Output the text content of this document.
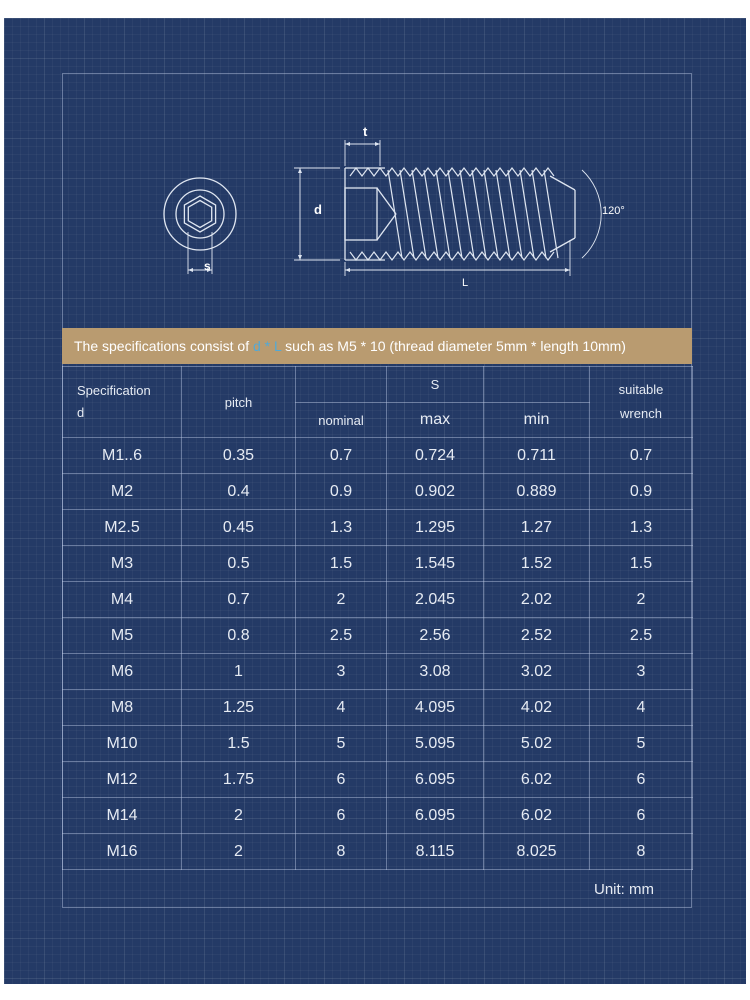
s
d
t
L
120°
The specifications consist of d * L such as M5 * 10 (thread diameter 5mm * length 10mm)
Specification
d	pitch		S		suitable
wrench
		nominal	max	min	
M1..6	0.35	0.7	0.724	0.711	0.7
M2	0.4	0.9	0.902	0.889	0.9
M2.5	0.45	1.3	1.295	1.27	1.3
M3	0.5	1.5	1.545	1.52	1.5
M4	0.7	2	2.045	2.02	2
M5	0.8	2.5	2.56	2.52	2.5
M6	1	3	3.08	3.02	3
M8	1.25	4	4.095	4.02	4
M10	1.5	5	5.095	5.02	5
M12	1.75	6	6.095	6.02	6
M14	2	6	6.095	6.02	6
M16	2	8	8.115	8.025	8
Unit: mm
